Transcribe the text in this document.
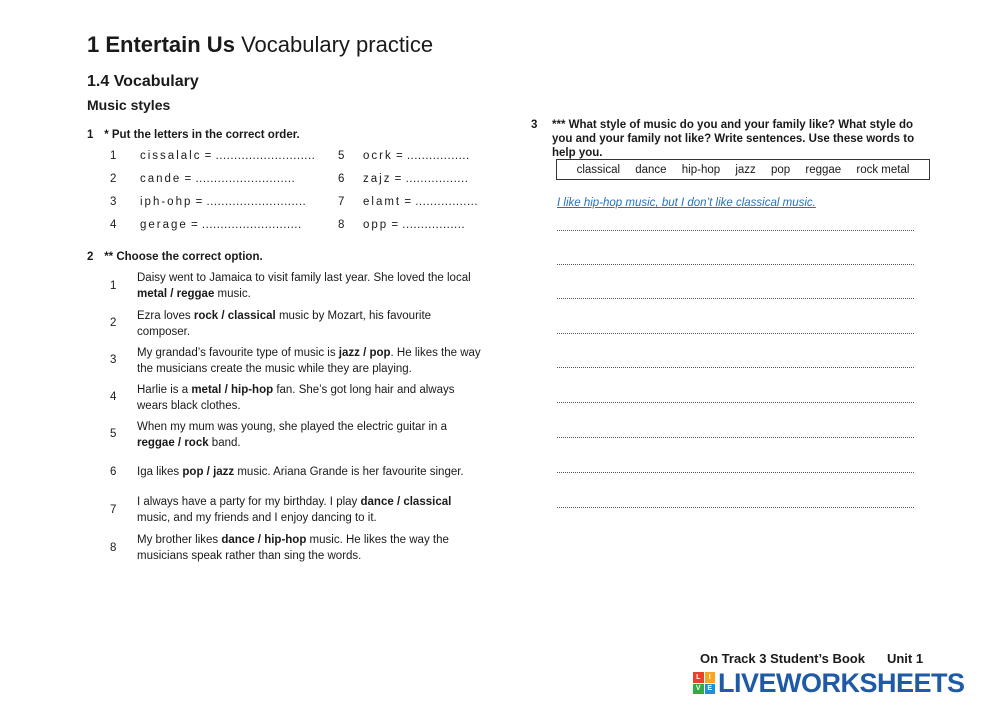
1 Entertain Us Vocabulary practice
1.4 Vocabulary
Music styles
1 * Put the letters in the correct order.
1 cissalalc = ...........................
2 cande = ...........................
3 iph-ohp = ...........................
4 gerage = ...........................
5 ocrk = .................
6 zajz = .................
7 elamt = .................
8 opp = .................
2 ** Choose the correct option.
1
Daisy went to Jamaica to visit family last year. She loved the local metal / reggae music.
2
Ezra loves rock / classical music by Mozart, his favourite composer.
3
My grandad’s favourite type of music is jazz / pop. He likes the way the musicians create the music while they are playing.
4
Harlie is a metal / hip-hop fan. She’s got long hair and always wears black clothes.
5
When my mum was young, she played the electric guitar in a reggae / rock band.
6 Iga likes pop / jazz music. Ariana Grande is her favourite singer.
7
I always have a party for my birthday. I play dance / classical music, and my friends and I enjoy dancing to it.
8
My brother likes dance / hip-hop music. He likes the way the musicians speak rather than sing the words.
3 *** What style of music do you and your family like? What style do you and your family not like? Write sentences. Use these words to help you.
classical dance hip-hop jazz pop reggae rock metal
I like hip-hop music, but I don’t like classical music.
On Track 3 Student’s Book Unit 1
L	I
V E LIVEWORKSHEETS
